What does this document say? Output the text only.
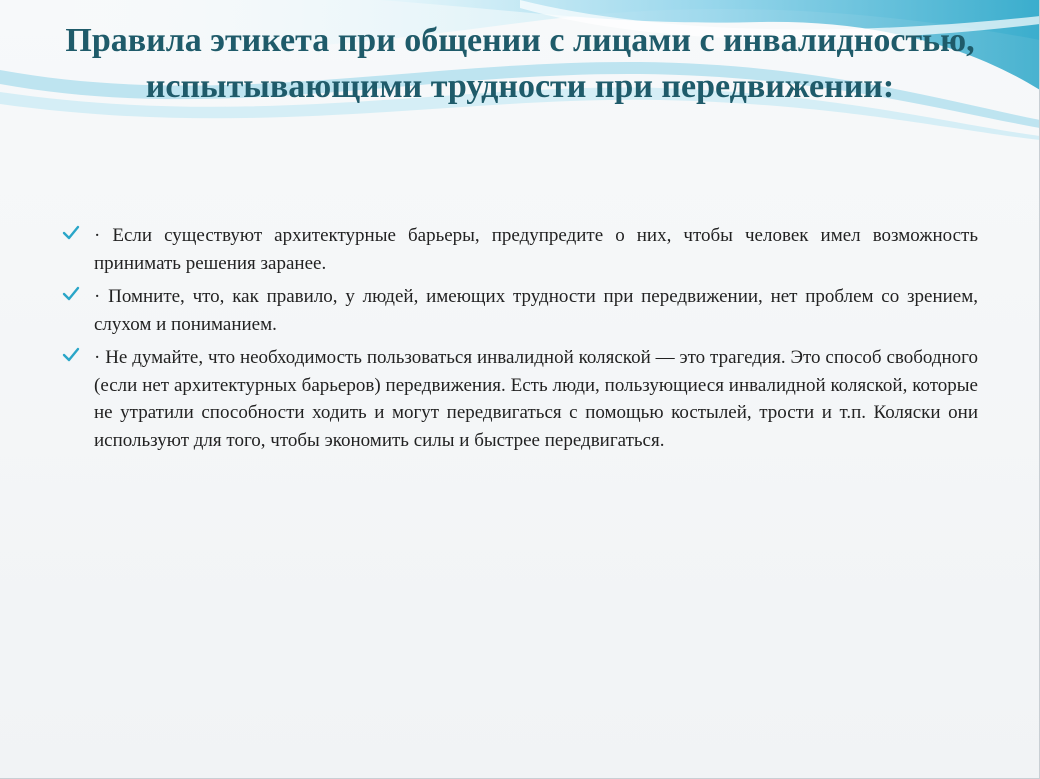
Правила этикета при общении с лицами с инвалидностью, испытывающими трудности при передвижении:
· Если существуют архитектурные барьеры, предупредите о них, чтобы человек имел возможность принимать решения заранее.
· Помните, что, как правило, у людей, имеющих трудности при передвижении, нет проблем со зрением, слухом и пониманием.
· Не думайте, что необходимость пользоваться инвалидной коляской — это трагедия. Это способ свободного (если нет архитектурных барьеров) передвижения. Есть люди, пользующиеся инвалидной коляской, которые не утратили способности ходить и могут передвигаться с помощью костылей, трости и т.п. Коляски они используют для того, чтобы экономить силы и быстрее передвигаться.
